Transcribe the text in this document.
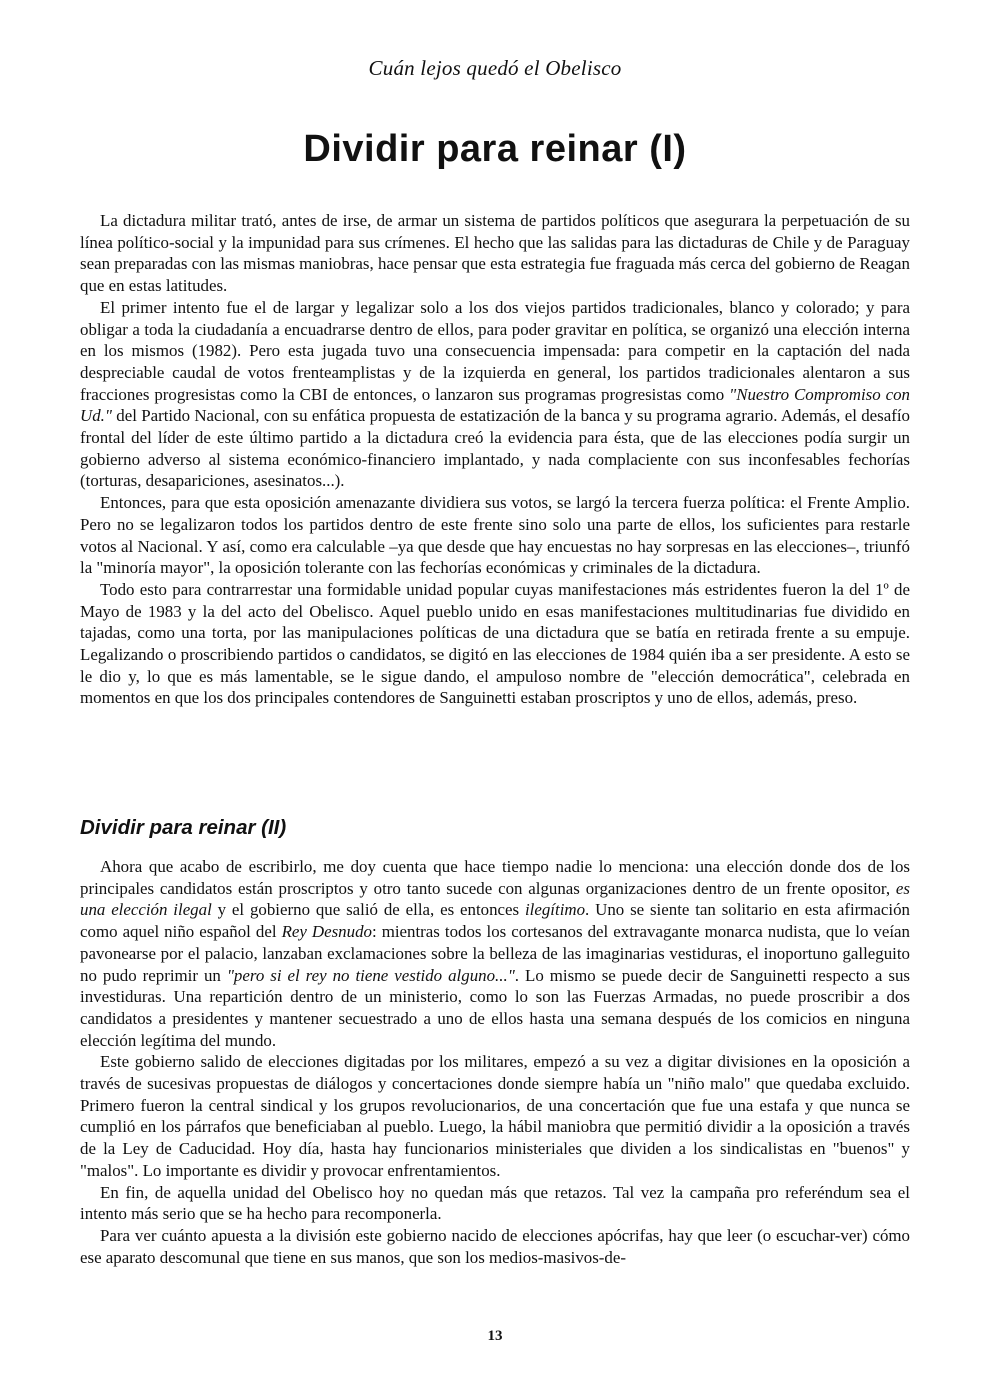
Cuán lejos quedó el Obelisco
Dividir para reinar (I)

La dictadura militar trató, antes de irse, de armar un sistema de partidos políticos que asegurara la perpetuación de su línea político-social y la impunidad para sus crímenes. El hecho que las salidas para las dictaduras de Chile y de Paraguay sean preparadas con las mismas maniobras, hace pensar que esta estrategia fue fraguada más cerca del gobierno de Reagan que en estas latitudes.

El primer intento fue el de largar y legalizar solo a los dos viejos partidos tradicionales, blanco y colorado; y para obligar a toda la ciudadanía a encuadrarse dentro de ellos, para poder gravitar en política, se organizó una elección interna en los mismos (1982). Pero esta jugada tuvo una consecuencia impensada: para competir en la captación del nada despreciable caudal de votos frenteamplistas y de la izquierda en general, los partidos tradicionales alentaron a sus fracciones progresistas como la CBI de entonces, o lanzaron sus programas progresistas como "Nuestro Compromiso con Ud." del Partido Nacional, con su enfática propuesta de estatización de la banca y su programa agrario. Además, el desafío frontal del líder de este último partido a la dictadura creó la evidencia para ésta, que de las elecciones podía surgir un gobierno adverso al sistema económico-financiero implantado, y nada complaciente con sus inconfesables fechorías (torturas, desapariciones, asesinatos...).

Entonces, para que esta oposición amenazante dividiera sus votos, se largó la tercera fuerza política: el Frente Amplio. Pero no se legalizaron todos los partidos dentro de este frente sino solo una parte de ellos, los suficientes para restarle votos al Nacional. Y así, como era calculable –ya que desde que hay encuestas no hay sorpresas en las elecciones–, triunfó la "minoría mayor", la oposición tolerante con las fechorías económicas y criminales de la dictadura.

Todo esto para contrarrestar una formidable unidad popular cuyas manifestaciones más estridentes fueron la del 1º de Mayo de 1983 y la del acto del Obelisco. Aquel pueblo unido en esas manifestaciones multitudinarias fue dividido en tajadas, como una torta, por las manipulaciones políticas de una dictadura que se batía en retirada frente a su empuje. Legalizando o proscribiendo partidos o candidatos, se digitó en las elecciones de 1984 quién iba a ser presidente. A esto se le dio y, lo que es más lamentable, se le sigue dando, el ampuloso nombre de "elección democrática", celebrada en momentos en que los dos principales contendores de Sanguinetti estaban proscriptos y uno de ellos, además, preso.

Dividir para reinar (II)

Ahora que acabo de escribirlo, me doy cuenta que hace tiempo nadie lo menciona: una elección donde dos de los principales candidatos están proscriptos y otro tanto sucede con algunas organizaciones dentro de un frente opositor, es una elección ilegal y el gobierno que salió de ella, es entonces ilegítimo. Uno se siente tan solitario en esta afirmación como aquel niño español del Rey Desnudo: mientras todos los cortesanos del extravagante monarca nudista, que lo veían pavonearse por el palacio, lanzaban exclamaciones sobre la belleza de las imaginarias vestiduras, el inoportuno galleguito no pudo reprimir un "pero si el rey no tiene vestido alguno...". Lo mismo se puede decir de Sanguinetti respecto a sus investiduras. Una repartición dentro de un ministerio, como lo son las Fuerzas Armadas, no puede proscribir a dos candidatos a presidentes y mantener secuestrado a uno de ellos hasta una semana después de los comicios en ninguna elección legítima del mundo.

Este gobierno salido de elecciones digitadas por los militares, empezó a su vez a digitar divisiones en la oposición a través de sucesivas propuestas de diálogos y concertaciones donde siempre había un "niño malo" que quedaba excluido. Primero fueron la central sindical y los grupos revolucionarios, de una concertación que fue una estafa y que nunca se cumplió en los párrafos que beneficiaban al pueblo. Luego, la hábil maniobra que permitió dividir a la oposición a través de la Ley de Caducidad. Hoy día, hasta hay funcionarios ministeriales que dividen a los sindicalistas en "buenos" y "malos". Lo importante es dividir y provocar enfrentamientos.

En fin, de aquella unidad del Obelisco hoy no quedan más que retazos. Tal vez la campaña pro referéndum sea el intento más serio que se ha hecho para recomponerla.

Para ver cuánto apuesta a la división este gobierno nacido de elecciones apócrifas, hay que leer (o escuchar-ver) cómo ese aparato descomunal que tiene en sus manos, que son los medios-masivos-de-

13
